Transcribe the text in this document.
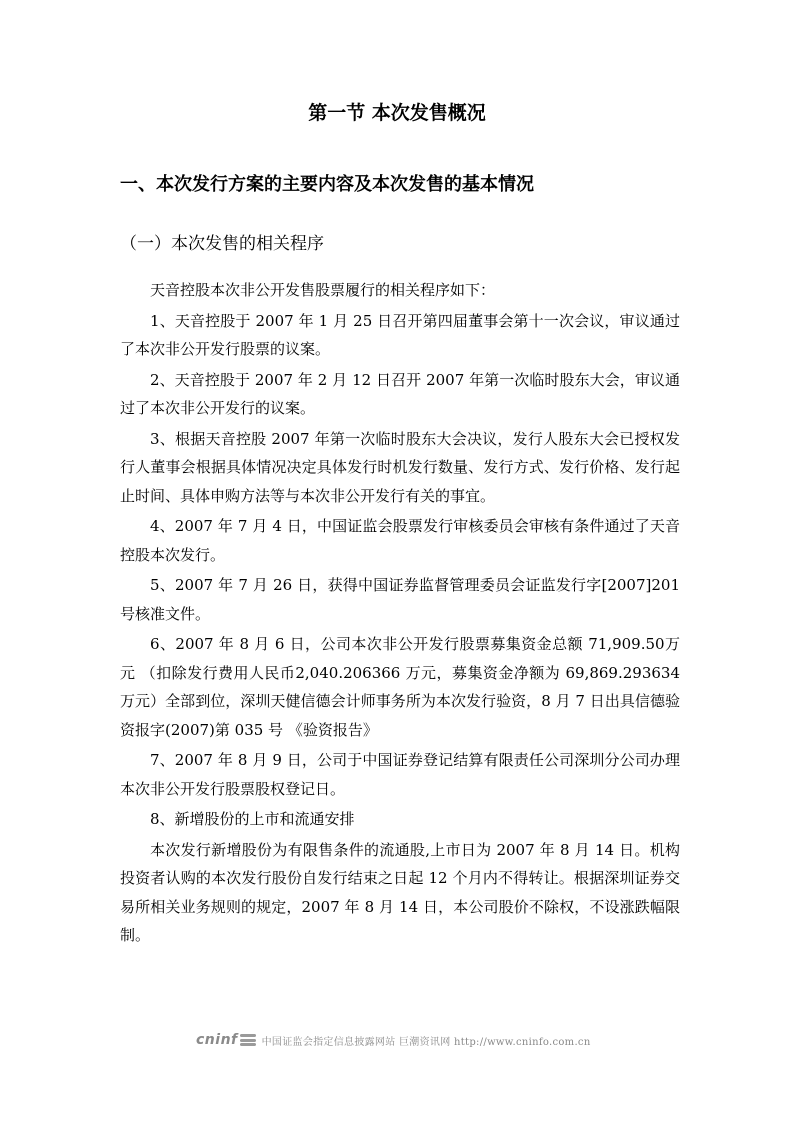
第一节 本次发售概况
一、本次发行方案的主要内容及本次发售的基本情况
（一）本次发售的相关程序

天音控股本次非公开发售股票履行的相关程序如下：

1、天音控股于 2007 年 1 月 25 日召开第四届董事会第十一次会议，审议通过了本次非公开发行股票的议案。

2、天音控股于 2007 年 2 月 12 日召开 2007 年第一次临时股东大会，审议通过了本次非公开发行的议案。

3、根据天音控股 2007 年第一次临时股东大会决议，发行人股东大会已授权发行人董事会根据具体情况决定具体发行时机发行数量、发行方式、发行价格、发行起止时间、具体申购方法等与本次非公开发行有关的事宜。

4、2007 年 7 月 4 日，中国证监会股票发行审核委员会审核有条件通过了天音控股本次发行。

5、2007 年 7 月 26 日，获得中国证券监督管理委员会证监发行字[2007]201 号核准文件。

6、2007 年 8 月 6 日，公司本次非公开发行股票募集资金总额 71,909.50万元 （扣除发行费用人民币2,040.206366 万元，募集资金净额为 69,869.293634 万元）全部到位，深圳天健信德会计师事务所为本次发行验资，8 月 7 日出具信德验资报字(2007)第 035 号 《验资报告》

7、2007 年 8 月 9 日，公司于中国证券登记结算有限责任公司深圳分公司办理本次非公开发行股票股权登记日。

8、新增股份的上市和流通安排

本次发行新增股份为有限售条件的流通股,上市日为 2007 年 8 月 14 日。机构投资者认购的本次发行股份自发行结束之日起 12 个月内不得转让。根据深圳证券交易所相关业务规则的规定，2007 年 8 月 14 日，本公司股价不除权，不设涨跌幅限制。

cninf 中国证监会指定信息披露网站 巨潮资讯网 http://www.cninfo.com.cn
